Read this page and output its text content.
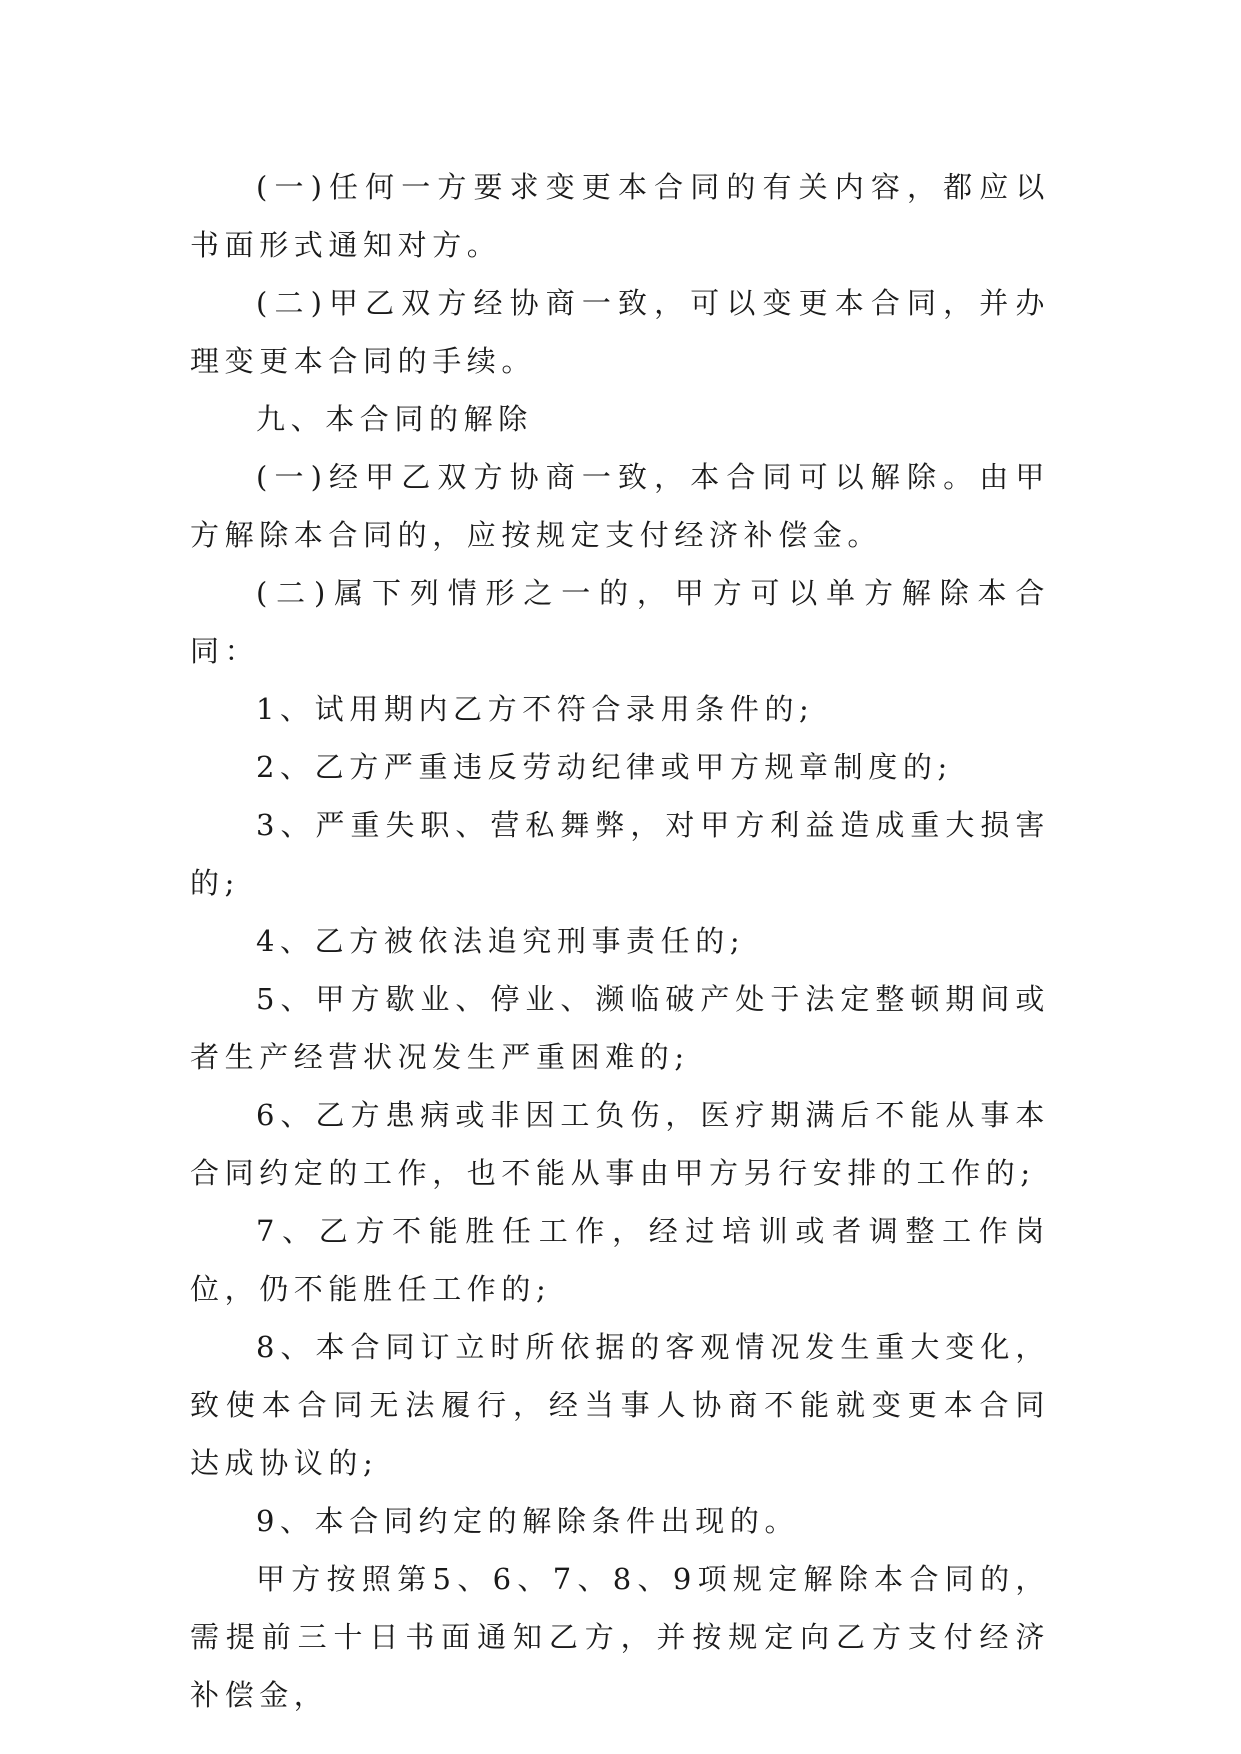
(一)任何一方要求变更本合同的有关内容，都应以书面形式通知对方。

(二)甲乙双方经协商一致，可以变更本合同，并办理变更本合同的手续。

九、本合同的解除

(一)经甲乙双方协商一致，本合同可以解除。由甲方解除本合同的，应按规定支付经济补偿金。

(二)属下列情形之一的，甲方可以单方解除本合同：

1、试用期内乙方不符合录用条件的;

2、乙方严重违反劳动纪律或甲方规章制度的;

3、严重失职、营私舞弊，对甲方利益造成重大损害的;

4、乙方被依法追究刑事责任的;

5、甲方歇业、停业、濒临破产处于法定整顿期间或者生产经营状况发生严重困难的;

6、乙方患病或非因工负伤，医疗期满后不能从事本合同约定的工作，也不能从事由甲方另行安排的工作的;

7、乙方不能胜任工作，经过培训或者调整工作岗位，仍不能胜任工作的;

8、本合同订立时所依据的客观情况发生重大变化，致使本合同无法履行，经当事人协商不能就变更本合同达成协议的;

9、本合同约定的解除条件出现的。

甲方按照第5、6、7、8、9项规定解除本合同的，需提前三十日书面通知乙方，并按规定向乙方支付经济补偿金，
